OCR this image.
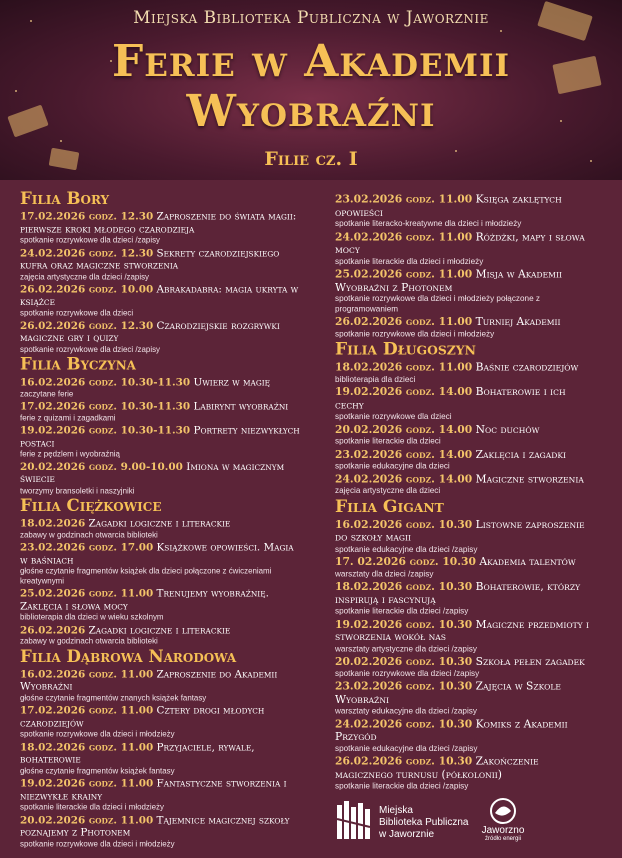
Miejska Biblioteka Publiczna w Jaworznie
Ferie w Akademii
Wyobraźni
Filie cz. I
Filia Bory
17.02.2026 godz. 12.30 Zaproszenie do świata magii: pierwsze kroki młodego czarodzieja
spotkanie rozrywkowe dla dzieci /zapisy
24.02.2026 godz. 12.30 Sekrety czarodziejskiego kufra oraz magiczne stworzenia
zajęcia artystyczne dla dzieci /zapisy
26.02.2026 godz. 10.00 Abrakadabra: magia ukryta w książce
spotkanie rozrywkowe dla dzieci
26.02.2026 godz. 12.30 Czarodziejskie rozgrywki magiczne gry i quizy
spotkanie rozrywkowe dla dzieci /zapisy
Filia Byczyna
16.02.2026 godz. 10.30-11.30 Uwierz w magię
zaczytane ferie
17.02.2026 godz. 10.30-11.30 Labirynt wyobraźni
ferie z quizami i zagadkami
19.02.2026 godz. 10.30-11.30 Portrety niezwykłych postaci
ferie z pędzlem i wyobraźnią
20.02.2026 godz. 9.00-10.00 Imiona w magicznym świecie
tworzymy bransoletki i naszyjniki
Filia Ciężkowice
18.02.2026 Zagadki logiczne i literackie
zabawy w godzinach otwarcia biblioteki
23.02.2026 godz. 17.00 Książkowe opowieści. Magia w baśniach
głośne czytanie fragmentów książek dla dzieci połączone z ćwiczeniami kreatywnymi
25.02.2026 godz. 11.00 Trenujemy wyobraźnię. Zaklęcia i słowa mocy
biblioterapia dla dzieci w wieku szkolnym
26.02.2026 Zagadki logiczne i literackie
zabawy w godzinach otwarcia biblioteki
Filia Dąbrowa Narodowa
16.02.2026 godz. 11.00 Zaproszenie do Akademii Wyobraźni
głośne czytanie fragmentów znanych książek fantasy
17.02.2026 godz. 11.00 Cztery drogi młodych czarodziejów
spotkanie rozrywkowe dla dzieci i młodzieży
18.02.2026 godz. 11.00 Przyjaciele, rywale, bohaterowie
głośne czytanie fragmentów książek fantasy
19.02.2026 godz. 11.00 Fantastyczne stworzenia i niezwykłe krainy
spotkanie literackie dla dzieci i młodzieży
20.02.2026 godz. 11.00 Tajemnice magicznej szkoły poznajemy z Photonem
spotkanie rozrywkowe dla dzieci i młodzieży
23.02.2026 godz. 11.00 Księga zaklętych opowieści
spotkanie literacko-kreatywne dla dzieci i młodzieży
24.02.2026 godz. 11.00 Różdżki, mapy i słowa mocy
spotkanie literackie dla dzieci i młodzieży
25.02.2026 godz. 11.00 Misja w Akademii Wyobraźni z Photonem
spotkanie rozrywkowe dla dzieci i młodzieży połączone z programowaniem
26.02.2026 godz. 11.00 Turniej Akademii
spotkanie rozrywkowe dla dzieci i młodzieży
Filia Długoszyn
18.02.2026 godz. 11.00 Baśnie czarodziejów
biblioterapia dla dzieci
19.02.2026 godz. 14.00 Bohaterowie i ich cechy
spotkanie rozrywkowe dla dzieci
20.02.2026 godz. 14.00 Noc duchów
spotkanie literackie dla dzieci
23.02.2026 godz. 14.00 Zaklęcia i zagadki
spotkanie edukacyjne dla dzieci
24.02.2026 godz. 14.00 Magiczne stworzenia
zajęcia artystyczne dla dzieci
Filia Gigant
16.02.2026 godz. 10.30 Listowne zaproszenie do szkoły magii
spotkanie edukacyjne dla dzieci /zapisy
17. 02.2026 godz. 10.30 Akademia talentów
warsztaty dla dzieci /zapisy
18.02.2026 godz. 10.30 Bohaterowie, którzy inspirują i fascynują
spotkanie literackie dla dzieci /zapisy
19.02.2026 godz. 10.30 Magiczne przedmioty i stworzenia wokół nas
warsztaty artystyczne dla dzieci /zapisy
20.02.2026 godz. 10.30 Szkoła pełen zagadek
spotkanie rozrywkowe dla dzieci /zapisy
23.02.2026 godz. 10.30 Zajęcia w Szkole Wyobraźni
warsztaty edukacyjne dla dzieci /zapisy
24.02.2026 godz. 10.30 Komiks z Akademii Przygód
spotkanie edukacyjne dla dzieci /zapisy
26.02.2026 godz. 10.30 Zakończenie magicznego turnusu (półkolonii)
spotkanie literackie dla dzieci /zapisy
Miejska
Biblioteka Publiczna
w Jaworznie	Jaworzno
źródło energii
